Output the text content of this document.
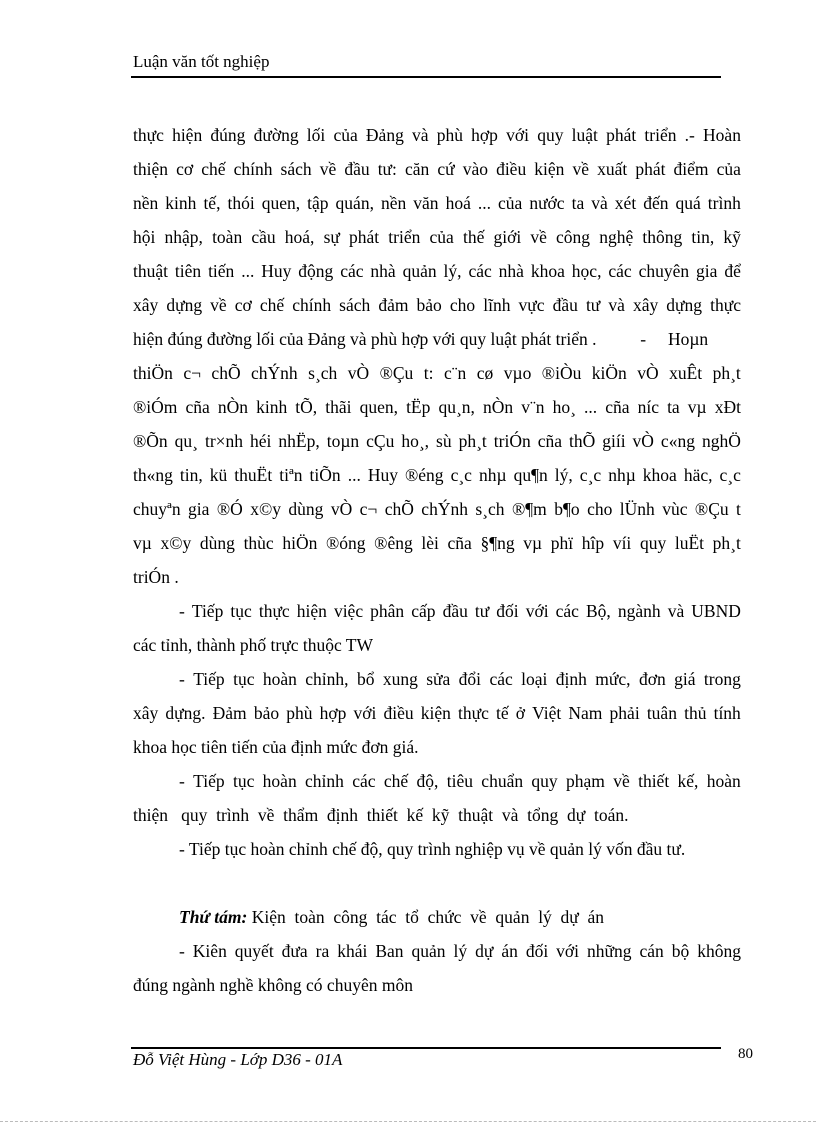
Luận văn tốt nghiệp
thực hiện đúng đường lối của Đảng và phù hợp với quy luật phát triển .- Hoàn
thiện cơ chế chính sách về đầu tư: căn cứ vào điều kiện về xuất phát điểm của
nền kinh tế, thói quen, tập quán, nền văn hoá ... của nước ta và xét đến quá trình
hội nhập, toàn cầu hoá, sự phát triển của thế giới về công nghệ thông tin, kỹ
thuật tiên tiến ... Huy động các nhà quản lý, các nhà khoa học, các chuyên gia để
xây dựng về cơ chế chính sách đảm bảo cho lĩnh vực đầu tư và xây dựng thực
hiện đúng đường lối của Đảng và phù hợp với quy luật phát triển .          -     Hoµn
thiÖn c¬ chÕ chÝnh s¸ch vÒ ®Çu t: c¨n cø vµo ®iÒu kiÖn vÒ xuÊt ph¸t
®iÓm cña nÒn kinh tÕ, thãi quen, tËp qu¸n, nÒn v¨n ho¸ ... cña níc ta vµ xÐt
®Õn qu¸ tr×nh héi nhËp, toµn cÇu ho¸, sù ph¸t triÓn cña thÕ giíi vÒ c«ng nghÖ
th«ng tin, kü thuËt tiªn tiÕn ... Huy ®éng c¸c nhµ qu¶n lý, c¸c nhµ khoa häc, c¸c
chuyªn gia ®Ó x©y dùng vÒ c¬ chÕ chÝnh s¸ch ®¶m b¶o cho lÜnh vùc ®Çu t
vµ x©y dùng thùc hiÖn ®óng ®êng lèi cña §¶ng vµ phï hîp víi quy luËt ph¸t
triÓn .
- Tiếp tục thực hiện việc phân cấp đầu tư đối với các Bộ, ngành và UBND
các tỉnh, thành phố trực thuộc TW
- Tiếp tục hoàn chỉnh, bổ xung sửa đổi các loại định mức, đơn giá trong
xây dựng. Đảm bảo phù hợp với điều kiện thực tế ở Việt Nam phải tuân thủ tính
khoa học tiên tiến của định mức đơn giá.
- Tiếp tục hoàn chỉnh các chế độ, tiêu chuẩn quy phạm về thiết kế, hoàn
thiện   quy  trình  về  thẩm  định  thiết  kế  kỹ  thuật  và  tổng  dự  toán.
- Tiếp tục hoàn chỉnh chế độ, quy trình nghiệp vụ về quản lý vốn đầu tư.
Thứ tám: Kiện  toàn  công  tác  tổ  chức  về  quản  lý  dự  án
- Kiên quyết đưa ra khái Ban quản lý dự án đối với những cán bộ không
đúng ngành nghề không có chuyên môn
Đỗ Việt Hùng - Lớp D36 - 01A	80
